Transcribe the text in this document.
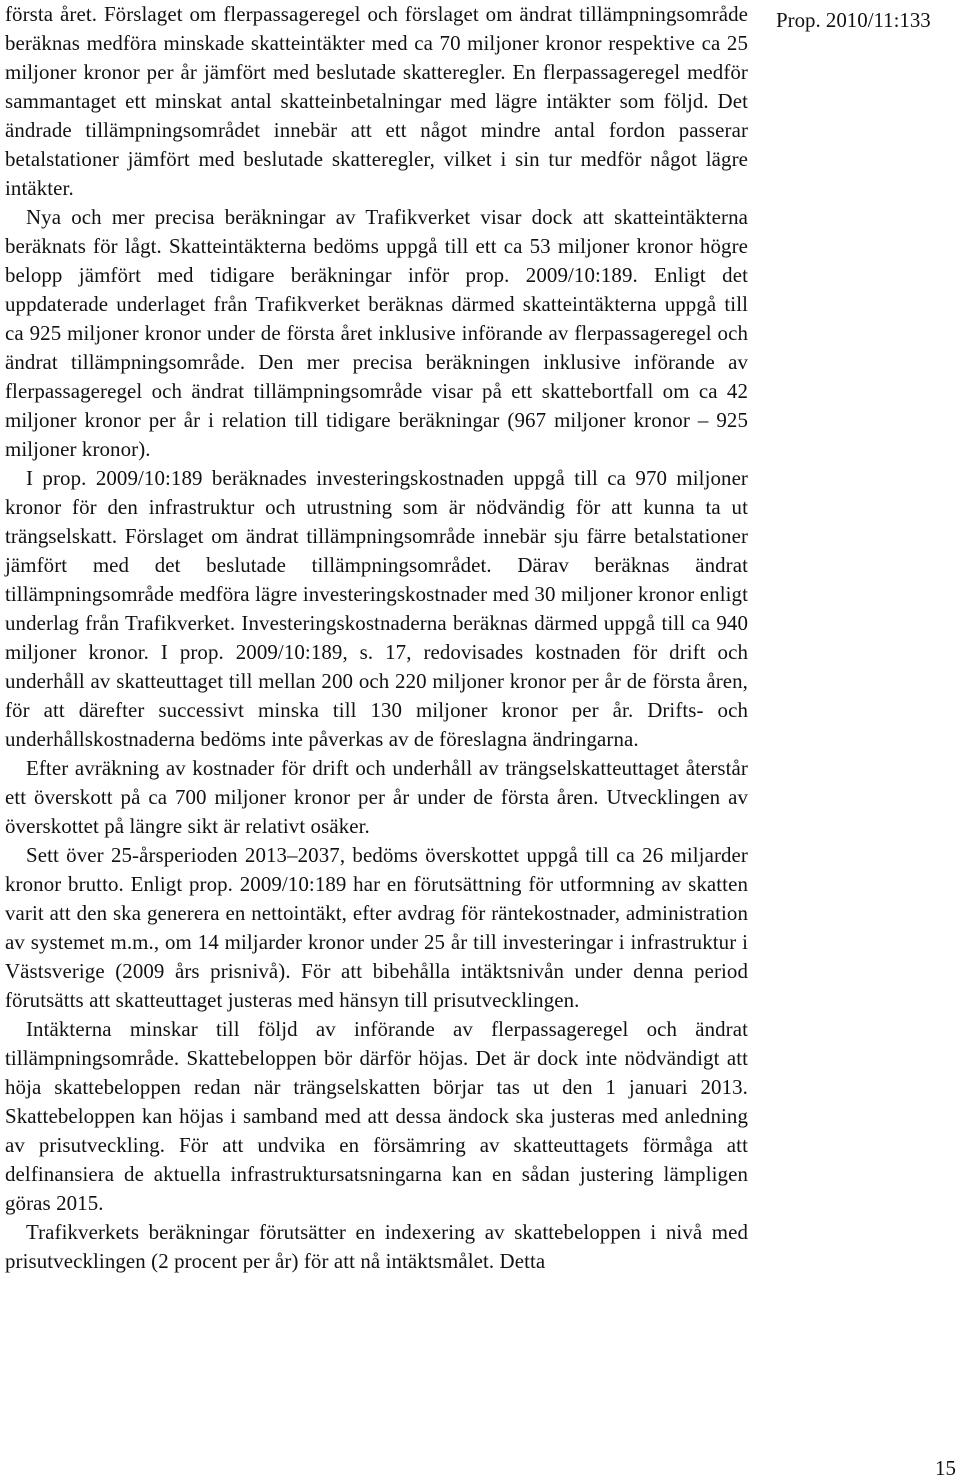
första året. Förslaget om flerpassageregel och förslaget om ändrat tillämpningsområde beräknas medföra minskade skatteintäkter med ca 70 miljoner kronor respektive ca 25 miljoner kronor per år jämfört med beslutade skatteregler. En flerpassageregel medför sammantaget ett minskat antal skatteinbetalningar med lägre intäkter som följd. Det ändrade tillämpningsområdet innebär att ett något mindre antal fordon passerar betalstationer jämfört med beslutade skatteregler, vilket i sin tur medför något lägre intäkter.

Nya och mer precisa beräkningar av Trafikverket visar dock att skatteintäkterna beräknats för lågt. Skatteintäkterna bedöms uppgå till ett ca 53 miljoner kronor högre belopp jämfört med tidigare beräkningar inför prop. 2009/10:189. Enligt det uppdaterade underlaget från Trafikverket beräknas därmed skatteintäkterna uppgå till ca 925 miljoner kronor under de första året inklusive införande av flerpassageregel och ändrat tillämpningsområde. Den mer precisa beräkningen inklusive införande av flerpassageregel och ändrat tillämpningsområde visar på ett skattebortfall om ca 42 miljoner kronor per år i relation till tidigare beräkningar (967 miljoner kronor – 925 miljoner kronor).

I prop. 2009/10:189 beräknades investeringskostnaden uppgå till ca 970 miljoner kronor för den infrastruktur och utrustning som är nödvändig för att kunna ta ut trängselskatt. Förslaget om ändrat tillämpningsområde innebär sju färre betalstationer jämfört med det beslutade tillämpningsområdet. Därav beräknas ändrat tillämpningsområde medföra lägre investeringskostnader med 30 miljoner kronor enligt underlag från Trafikverket. Investeringskostnaderna beräknas därmed uppgå till ca 940 miljoner kronor. I prop. 2009/10:189, s. 17, redovisades kostnaden för drift och underhåll av skatteuttaget till mellan 200 och 220 miljoner kronor per år de första åren, för att därefter successivt minska till 130 miljoner kronor per år. Drifts- och underhållskostnaderna bedöms inte påverkas av de föreslagna ändringarna.

Efter avräkning av kostnader för drift och underhåll av trängselskatteuttaget återstår ett överskott på ca 700 miljoner kronor per år under de första åren. Utvecklingen av överskottet på längre sikt är relativt osäker.

Sett över 25-årsperioden 2013–2037, bedöms överskottet uppgå till ca 26 miljarder kronor brutto. Enligt prop. 2009/10:189 har en förutsättning för utformning av skatten varit att den ska generera en nettointäkt, efter avdrag för räntekostnader, administration av systemet m.m., om 14 miljarder kronor under 25 år till investeringar i infrastruktur i Västsverige (2009 års prisnivå). För att bibehålla intäktsnivån under denna period förutsätts att skatteuttaget justeras med hänsyn till prisutvecklingen.

Intäkterna minskar till följd av införande av flerpassageregel och ändrat tillämpningsområde. Skattebeloppen bör därför höjas. Det är dock inte nödvändigt att höja skattebeloppen redan när trängselskatten börjar tas ut den 1 januari 2013. Skattebeloppen kan höjas i samband med att dessa ändock ska justeras med anledning av prisutveckling. För att undvika en försämring av skatteuttagets förmåga att delfinansiera de aktuella infrastruktursatsningarna kan en sådan justering lämpligen göras 2015.

Trafikverkets beräkningar förutsätter en indexering av skattebeloppen i nivå med prisutvecklingen (2 procent per år) för att nå intäktsmålet. Detta

Prop. 2010/11:133
15
